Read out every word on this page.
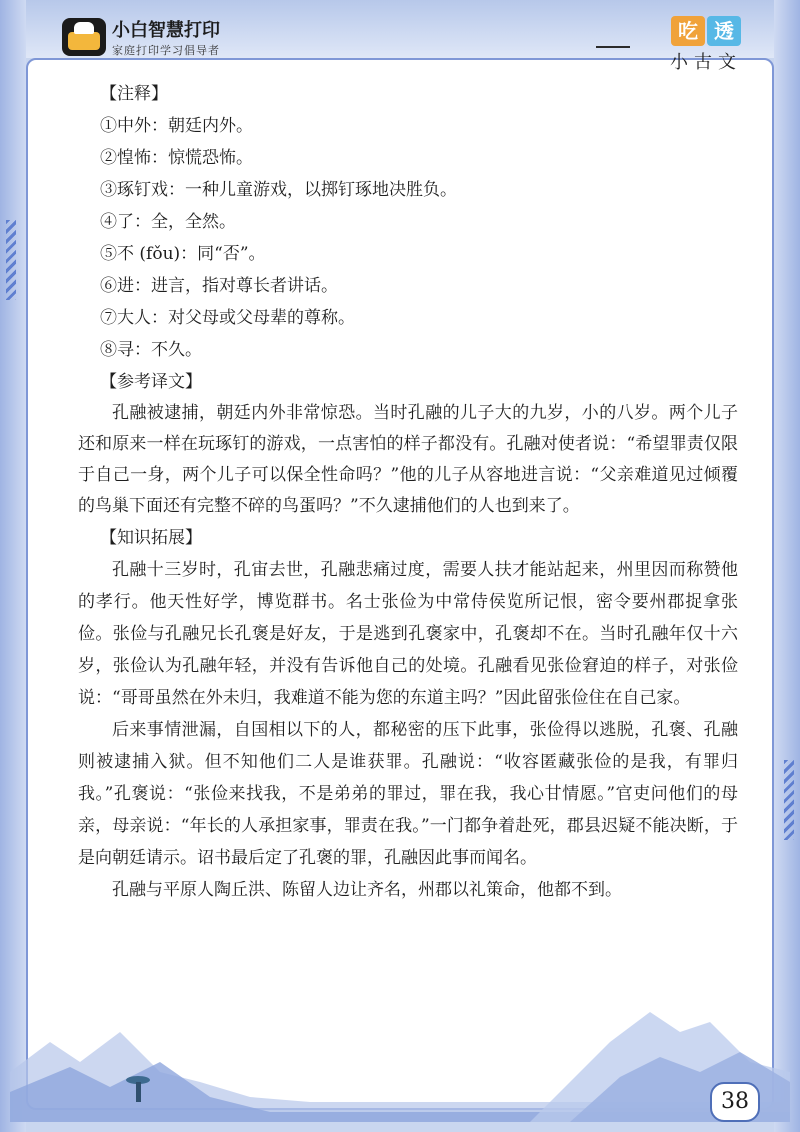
小白智慧打印
家庭打印学习倡导者
吃 透
小古文
【注释】
①中外：朝廷内外。
②惶怖：惊慌恐怖。
③琢钉戏：一种儿童游戏，以掷钉琢地决胜负。
④了：全，全然。
⑤不 (fǒu)：同“否”。
⑥进：进言，指对尊长者讲话。
⑦大人：对父母或父母辈的尊称。
⑧寻：不久。
【参考译文】
孔融被逮捕，朝廷内外非常惊恐。当时孔融的儿子大的九岁，小的八岁。两个儿子还和原来一样在玩琢钉的游戏，一点害怕的样子都没有。孔融对使者说：“希望罪责仅限于自己一身，两个儿子可以保全性命吗？”他的儿子从容地进言说：“父亲难道见过倾覆的鸟巢下面还有完整不碎的鸟蛋吗？”不久逮捕他们的人也到来了。
【知识拓展】
孔融十三岁时，孔宙去世，孔融悲痛过度，需要人扶才能站起来，州里因而称赞他的孝行。他天性好学，博览群书。名士张俭为中常侍侯览所记恨，密令要州郡捉拿张俭。张俭与孔融兄长孔褒是好友，于是逃到孔褒家中，孔褒却不在。当时孔融年仅十六岁，张俭认为孔融年轻，并没有告诉他自己的处境。孔融看见张俭窘迫的样子，对张俭说：“哥哥虽然在外未归，我难道不能为您的东道主吗？”因此留张俭住在自己家。
后来事情泄漏，自国相以下的人，都秘密的压下此事，张俭得以逃脱，孔褒、孔融则被逮捕入狱。但不知他们二人是谁获罪。孔融说：“收容匿藏张俭的是我，有罪归我。”孔褒说：“张俭来找我，不是弟弟的罪过，罪在我，我心甘情愿。”官吏问他们的母亲，母亲说：“年长的人承担家事，罪责在我。”一门都争着赴死，郡县迟疑不能决断，于是向朝廷请示。诏书最后定了孔褒的罪，孔融因此事而闻名。
孔融与平原人陶丘洪、陈留人边让齐名，州郡以礼策命，他都不到。
38
